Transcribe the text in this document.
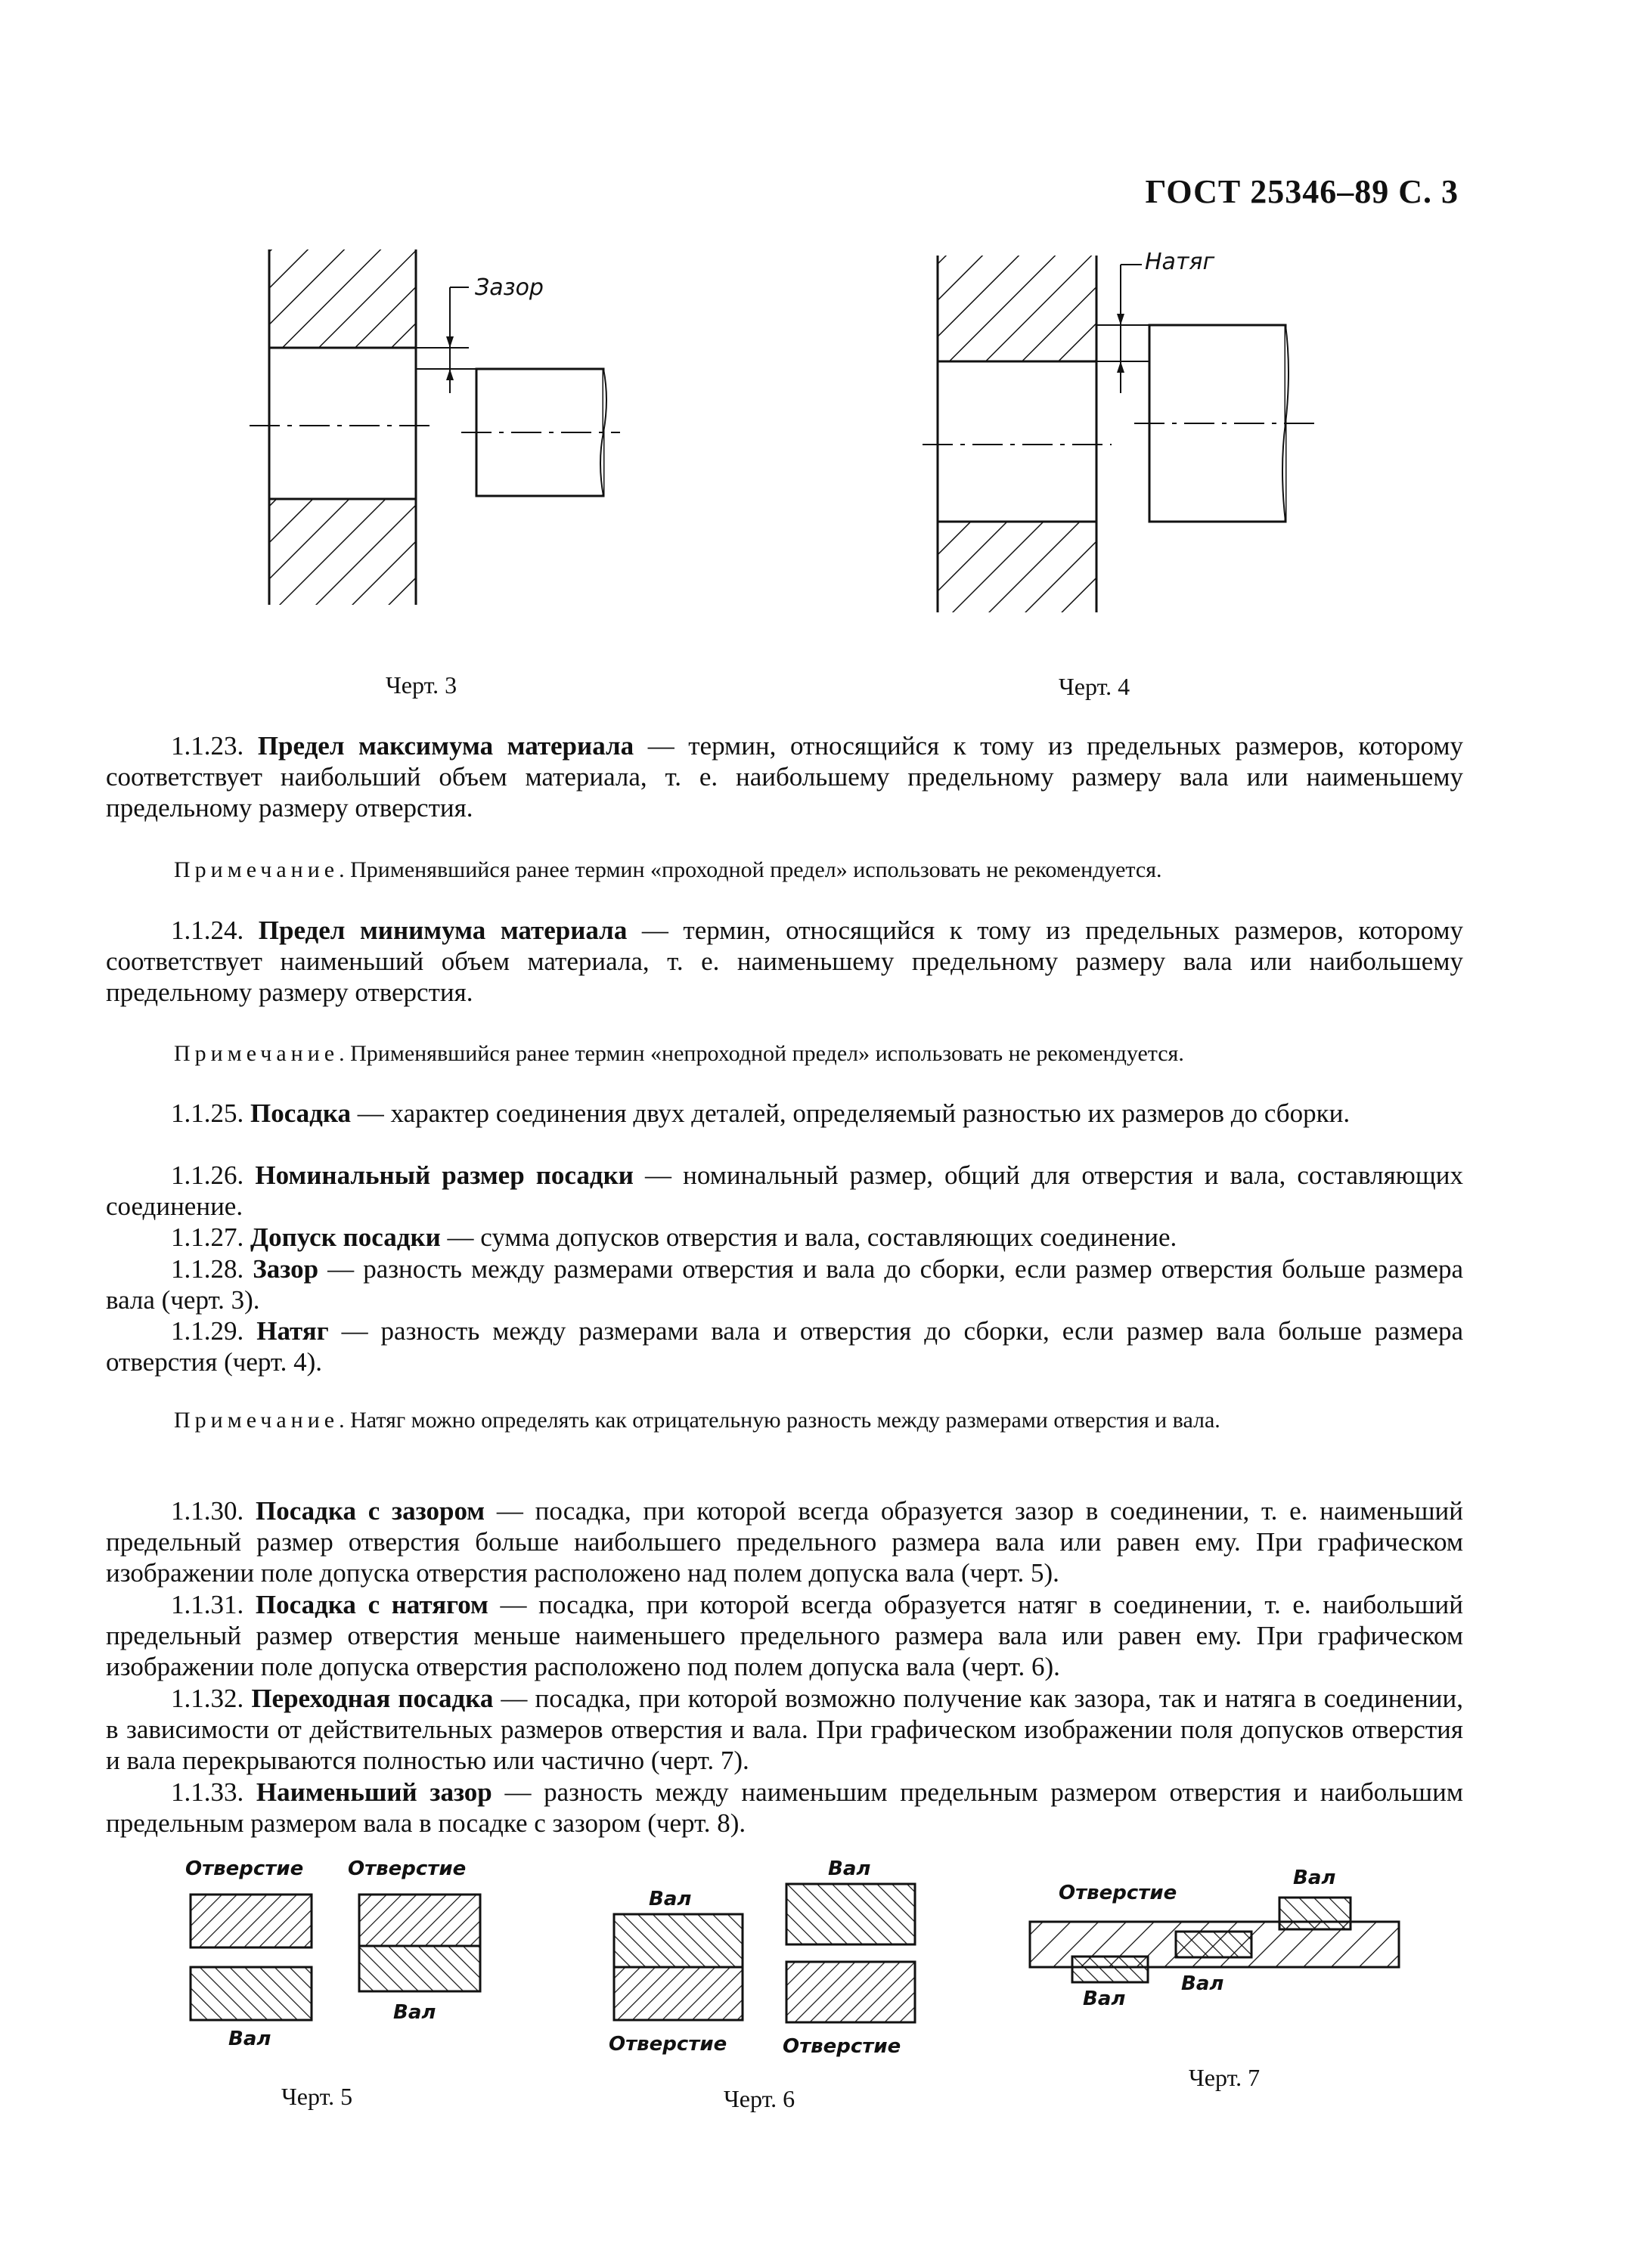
ГОСТ 25346–89 С. 3
Зазор
Черт. 3
Натяг
Черт. 4
1.1.23. Предел максимума материала — термин, относящийся к тому из предельных размеров, которому соответствует наибольший объем материала, т. е. наибольшему предельному размеру вала или наименьшему предельному размеру отверстия.
Примечание. Применявшийся ранее термин «проходной предел» использовать не рекомендуется.
1.1.24. Предел минимума материала — термин, относящийся к тому из предельных размеров, которому соответствует наименьший объем материала, т. е. наименьшему предельному размеру вала или наибольшему предельному размеру отверстия.
Примечание. Применявшийся ранее термин «непроходной предел» использовать не рекомендуется.
1.1.25. Посадка — характер соединения двух деталей, определяемый разностью их размеров до сборки.
1.1.26. Номинальный размер посадки — номинальный размер, общий для отверстия и вала, составляющих соединение.
1.1.27. Допуск посадки — сумма допусков отверстия и вала, составляющих соединение.
1.1.28. Зазор — разность между размерами отверстия и вала до сборки, если размер отверстия больше размера вала (черт. 3).
1.1.29. Натяг — разность между размерами вала и отверстия до сборки, если размер вала больше размера отверстия (черт. 4).
Примечание. Натяг можно определять как отрицательную разность между размерами отверстия и вала.
1.1.30. Посадка с зазором — посадка, при которой всегда образуется зазор в соединении, т. е. наименьший предельный размер отверстия больше наибольшего предельного размера вала или равен ему. При графическом изображении поле допуска отверстия расположено над полем допуска вала (черт. 5).
1.1.31. Посадка с натягом — посадка, при которой всегда образуется натяг в соединении, т. е. наибольший предельный размер отверстия меньше наименьшего предельного размера вала или равен ему. При графическом изображении поле допуска отверстия расположено под полем допуска вала (черт. 6).
1.1.32. Переходная посадка — посадка, при которой возможно получение как зазора, так и натяга в соединении, в зависимости от действительных размеров отверстия и вала. При графическом изображении поля допусков отверстия и вала перекрываются полностью или частично (черт. 7).
1.1.33. Наименьший зазор — разность между наименьшим предельным размером отверстия и наибольшим предельным размером вала в посадке с зазором (черт. 8).
Отверстие Отверстие
Вал
Вал
Черт. 5
Вал
Вал
Отверстие	Отверстие
Черт. 6
Отверстие
Вал
Вал
Вал
Черт. 7
